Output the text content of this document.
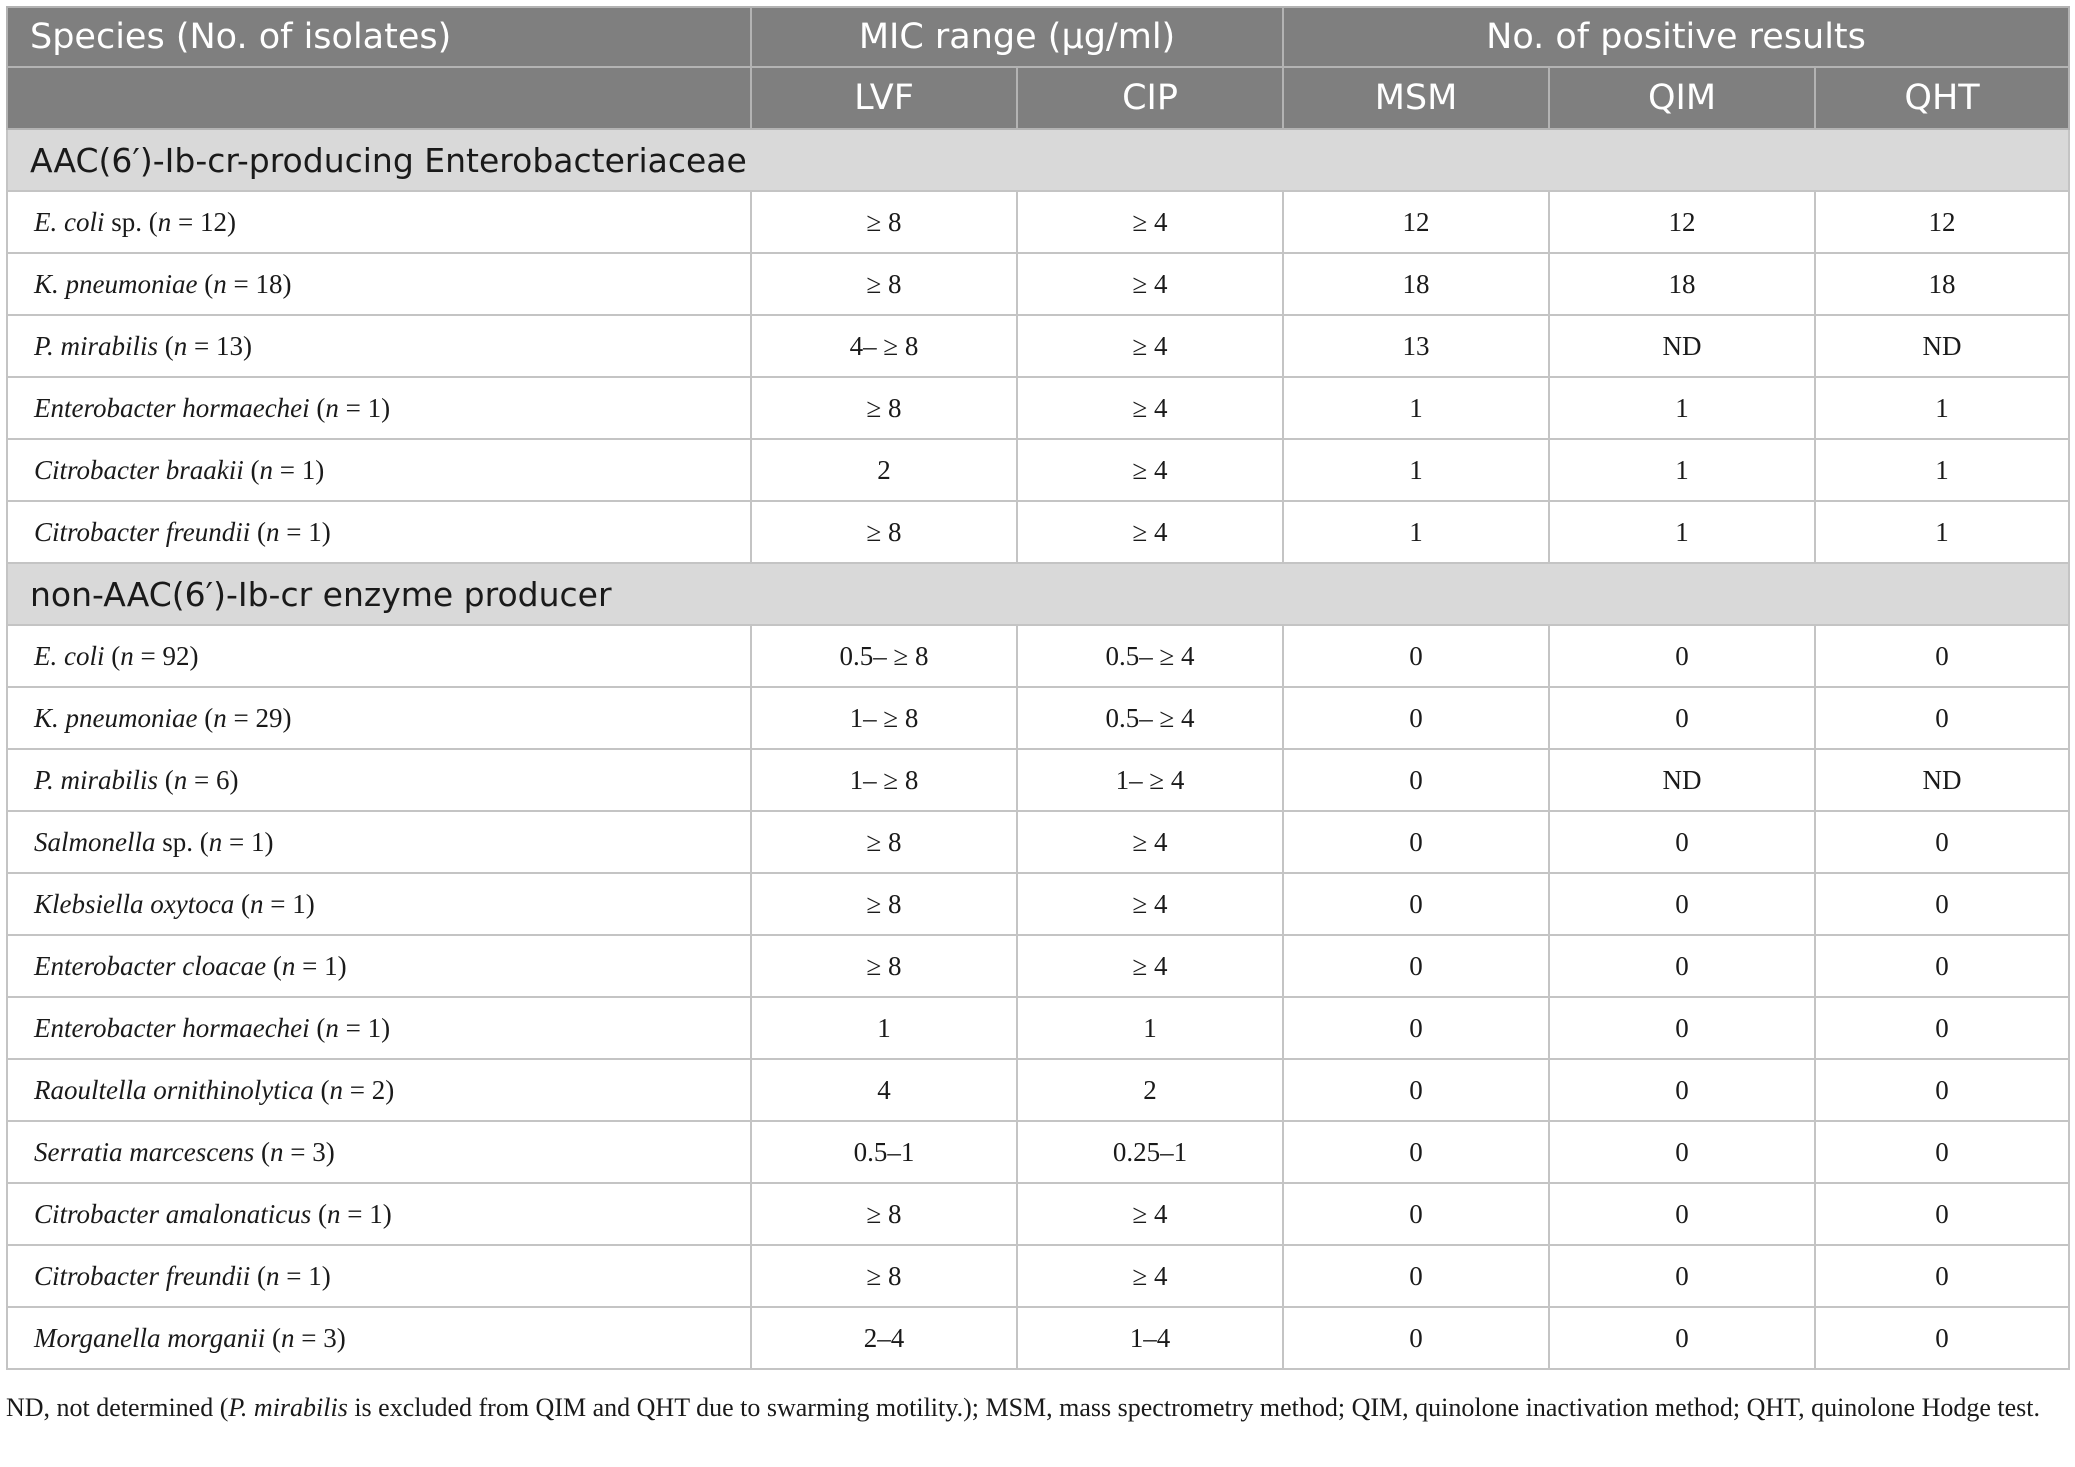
Species (No. of isolates)	MIC range (μg/ml)		No. of positive results		
	LVF	CIP	MSM	QIM	QHT
AAC(6′)-Ib-cr-producing Enterobacteriaceae					
E. coli sp. (n = 12)	≥ 8	≥ 4	12	12	12
K. pneumoniae (n = 18)	≥ 8	≥ 4	18	18	18
P. mirabilis (n = 13)	4– ≥ 8	≥ 4	13	ND	ND
Enterobacter hormaechei (n = 1)	≥ 8	≥ 4	1	1	1
Citrobacter braakii (n = 1)	2	≥ 4	1	1	1
Citrobacter freundii (n = 1)	≥ 8	≥ 4	1	1	1
non-AAC(6′)-Ib-cr enzyme producer					
E. coli (n = 92)	0.5– ≥ 8	0.5– ≥ 4	0	0	0
K. pneumoniae (n = 29)	1– ≥ 8	0.5– ≥ 4	0	0	0
P. mirabilis (n = 6)	1– ≥ 8	1– ≥ 4	0	ND	ND
Salmonella sp. (n = 1)	≥ 8	≥ 4	0	0	0
Klebsiella oxytoca (n = 1)	≥ 8	≥ 4	0	0	0
Enterobacter cloacae (n = 1)	≥ 8	≥ 4	0	0	0
Enterobacter hormaechei (n = 1)	1	1	0	0	0
Raoultella ornithinolytica (n = 2)	4	2	0	0	0
Serratia marcescens (n = 3)	0.5–1	0.25–1	0	0	0
Citrobacter amalonaticus (n = 1)	≥ 8	≥ 4	0	0	0
Citrobacter freundii (n = 1)	≥ 8	≥ 4	0	0	0
Morganella morganii (n = 3)	2–4	1–4	0	0	0
ND, not determined (P. mirabilis is excluded from QIM and QHT due to swarming motility.); MSM, mass spectrometry method; QIM, quinolone inactivation method; QHT, quinolone Hodge test.
